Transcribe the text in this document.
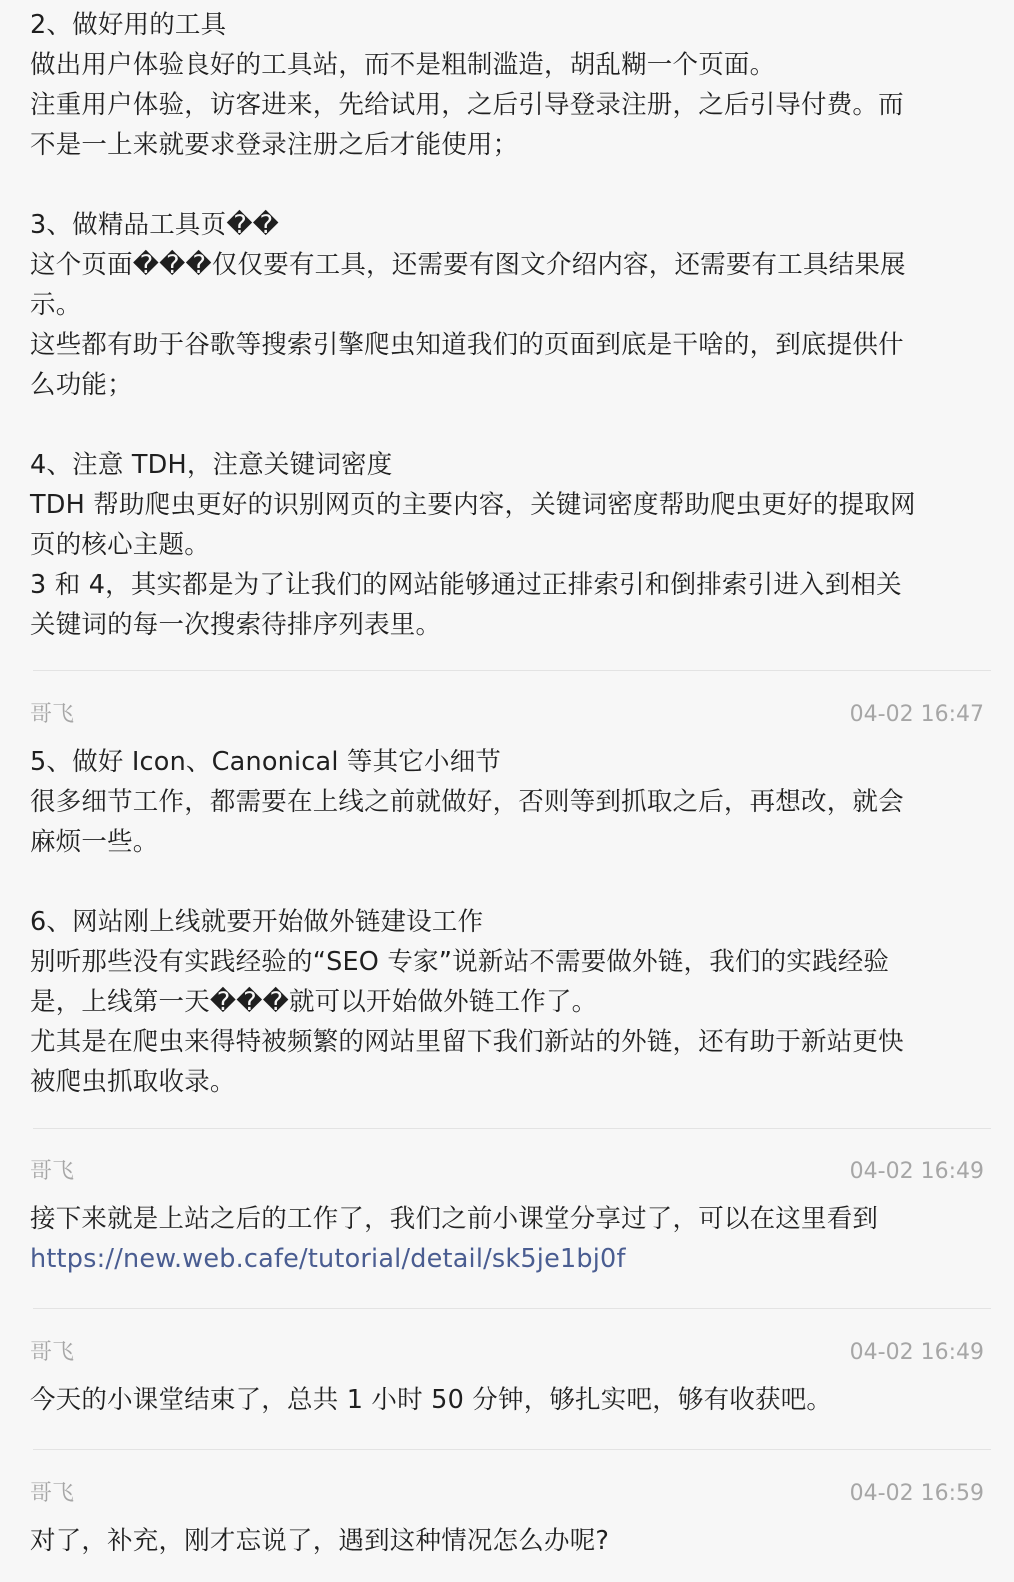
2、做好用的工具
做出用户体验良好的工具站，而不是粗制滥造，胡乱糊一个页面。
注重用户体验，访客进来，先给试用，之后引导登录注册，之后引导付费。而
不是一上来就要求登录注册之后才能使用；
3、做精品工具页��
这个页面���仅仅要有工具，还需要有图文介绍内容，还需要有工具结果展
示。
这些都有助于谷歌等搜索引擎爬虫知道我们的页面到底是干啥的，到底提供什
么功能；
4、注意 TDH，注意关键词密度
TDH 帮助爬虫更好的识别网页的主要内容，关键词密度帮助爬虫更好的提取网
页的核心主题。
3 和 4，其实都是为了让我们的网站能够通过正排索引和倒排索引进入到相关
关键词的每一次搜索待排序列表里。
哥飞	04-02 16:47
5、做好 Icon、Canonical 等其它小细节
很多细节工作，都需要在上线之前就做好，否则等到抓取之后，再想改，就会
麻烦一些。
6、网站刚上线就要开始做外链建设工作
别听那些没有实践经验的“SEO 专家”说新站不需要做外链，我们的实践经验
是，上线第一天���就可以开始做外链工作了。
尤其是在爬虫来得特被频繁的网站里留下我们新站的外链，还有助于新站更快
被爬虫抓取收录。
哥飞	04-02 16:49
接下来就是上站之后的工作了，我们之前小课堂分享过了，可以在这里看到
https://new.web.cafe/tutorial/detail/sk5je1bj0f
哥飞	04-02 16:49
今天的小课堂结束了，总共 1 小时 50 分钟，够扎实吧，够有收获吧。
哥飞	04-02 16:59
对了，补充，刚才忘说了，遇到这种情况怎么办呢?
